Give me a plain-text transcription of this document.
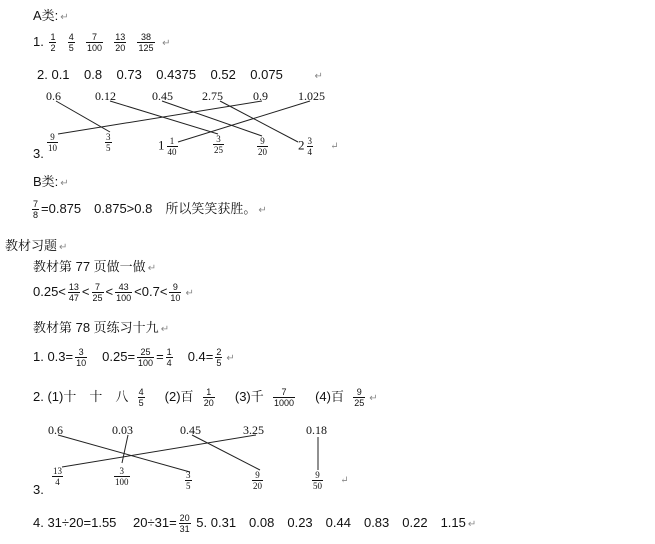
A类: ↵
1. $\frac{1}{2}$
$\frac{4}{5}$
$\frac{7}{100}$
$\frac{13}{20}$
$\frac{38}{125}$ ↵
2. 0.1 0.8 0.73 0.4375 0.52 0.075	↵
0.6	0.12	0.45 2.75	0.9	1.025
3.
$\frac{9}{10}$	$\frac{3}{5}$	$1 \frac{1}{40}$	$\frac{3}{25}$	$\frac{9}{20} 2 \frac{3}{4}$ ↵
B类: ↵
$\frac{7}{8} =0.875$　0.875>0.8　所以笑笑获胜。 ↵
教材习题 ↵
教材第 77 页做一做 ↵
$0.25< \frac{13}{47} < \frac{7}{25} < \frac{43}{100} <0.7< \frac{9}{10}$ ↵
教材第 78 页练习十九 ↵
1. $0.3= \frac{3}{10}$ 　$0.25= \frac{25}{100} = \frac{1}{4}$ 　$0.4= \frac{2}{5}$ ↵
2. (1)十　十　八 $\frac{4}{5} (2)$百 $\frac{1}{20} (3)$千 $\frac{7}{1000} (4)$百 $\frac{9}{25}$ ↵
0.6	0.03	0.45	3.25	0.18
3.
$\frac{13}{4}$	$\frac{3}{100}$	$\frac{3}{5}$	$\frac{9}{20}$	$\frac{9}{50}$ ↵
4. 31÷20=1.55　 $20\div 31= \frac{20}{31} 5$. 0.31　0.08　0.23　0.44　0.83　0.22　1.15 ↵
